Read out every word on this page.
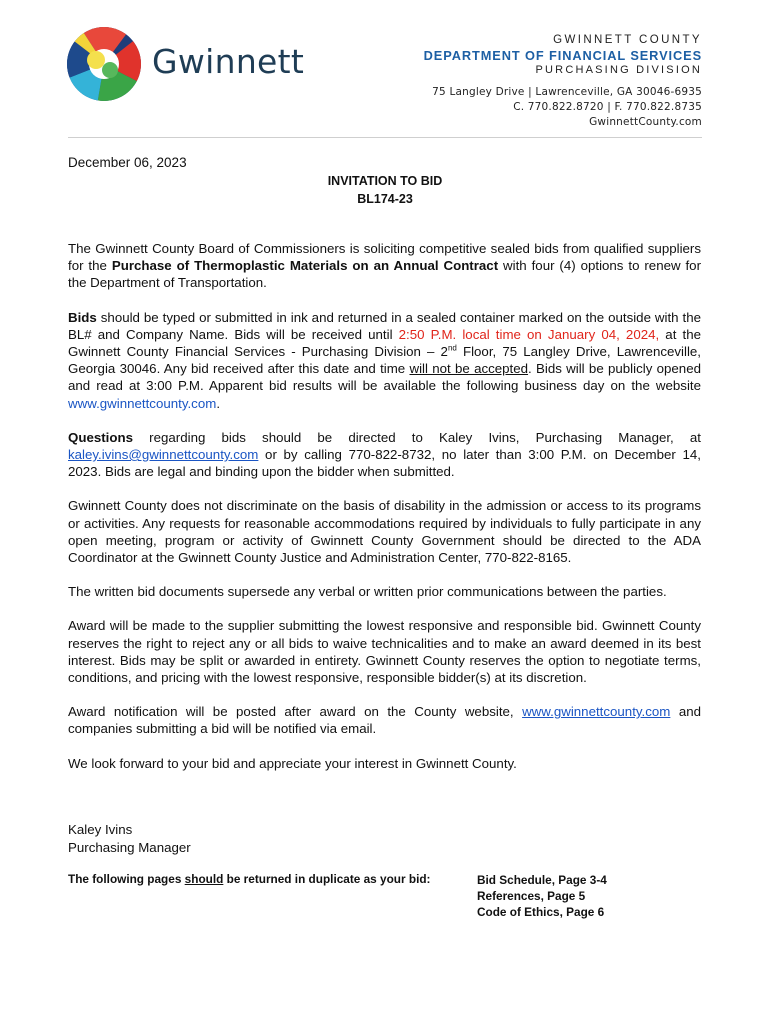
Gwinnett
GWINNETT COUNTY
DEPARTMENT OF FINANCIAL SERVICES
PURCHASING DIVISION
75 Langley Drive | Lawrenceville, GA 30046-6935
C. 770.822.8720 | F. 770.822.8735
GwinnettCounty.com
December 06, 2023
INVITATION TO BID
BL174-23

The Gwinnett County Board of Commissioners is soliciting competitive sealed bids from qualified suppliers for the Purchase of Thermoplastic Materials on an Annual Contract with four (4) options to renew for the Department of Transportation.

Bids should be typed or submitted in ink and returned in a sealed container marked on the outside with the BL# and Company Name. Bids will be received until 2:50 P.M. local time on January 04, 2024, at the Gwinnett County Financial Services - Purchasing Division – 2nd Floor, 75 Langley Drive, Lawrenceville, Georgia 30046. Any bid received after this date and time will not be accepted. Bids will be publicly opened and read at 3:00 P.M. Apparent bid results will be available the following business day on the website www.gwinnettcounty.com.

Questions regarding bids should be directed to Kaley Ivins, Purchasing Manager, at kaley.ivins@gwinnettcounty.com or by calling 770-822-8732, no later than 3:00 P.M. on December 14, 2023. Bids are legal and binding upon the bidder when submitted.

Gwinnett County does not discriminate on the basis of disability in the admission or access to its programs or activities. Any requests for reasonable accommodations required by individuals to fully participate in any open meeting, program or activity of Gwinnett County Government should be directed to the ADA Coordinator at the Gwinnett County Justice and Administration Center, 770-822-8165.

The written bid documents supersede any verbal or written prior communications between the parties.

Award will be made to the supplier submitting the lowest responsive and responsible bid. Gwinnett County reserves the right to reject any or all bids to waive technicalities and to make an award deemed in its best interest. Bids may be split or awarded in entirety. Gwinnett County reserves the option to negotiate terms, conditions, and pricing with the lowest responsive, responsible bidder(s) at its discretion.

Award notification will be posted after award on the County website, www.gwinnettcounty.com and companies submitting a bid will be notified via email.

We look forward to your bid and appreciate your interest in Gwinnett County.

Kaley Ivins
Purchasing Manager
The following pages should be returned in duplicate as your bid:	Bid Schedule, Page 3-4
References, Page 5
Code of Ethics, Page 6
